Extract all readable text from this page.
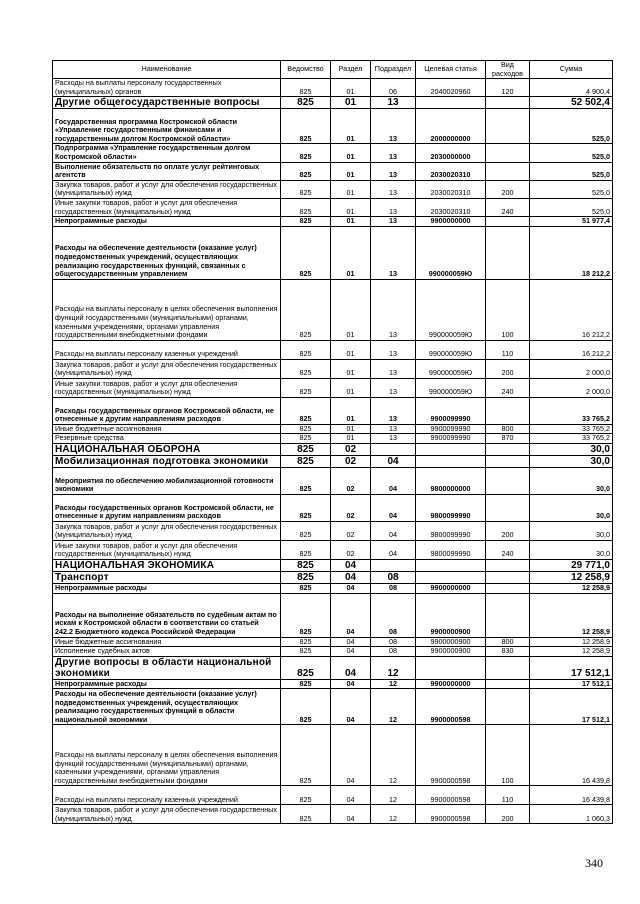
Наименование	Ведомство	Раздел	Подраздел	Целевая статья	Вид расходов	Сумма
Расходы на выплаты персоналу государственных (муниципальных) органов	825	01	06	2040020960	120	4 900,4
Другие общегосударственные вопросы	825	01	13			52 502,4
Государственная программа Костромской области «Управление государственными финансами и государственным долгом Костромской области»	825	01	13	2000000000		525,0
Подпрограмма «Управление государственным долгом Костромской области»	825	01	13	2030000000		525,0
Выполнение обязательств по оплате услуг рейтинговых агентств	825	01	13	2030020310		525,0
Закупка товаров, работ и услуг для обеспечения государственных (муниципальных) нужд	825	01	13	2030020310	200	525,0
Иные закупки товаров, работ и услуг для обеспечения государственных (муниципальных) нужд	825	01	13	2030020310	240	525,0
Непрограммные расходы	825	01	13	9900000000		51 977,4
Расходы на обеспечение деятельности (оказание услуг) подведомственных учреждений, осуществляющих реализацию государственных функций, связанных с общегосударственным управлением	825	01	13	990000059Ю		18 212,2
Расходы на выплаты персоналу в целях обеспечения выполнения функций государственными (муниципальными) органами, казенными учреждениями, органами управления государственными внебюджетными фондами	825	01	13	990000059Ю	100	16 212,2
Расходы на выплаты персоналу казенных учреждений	825	01	13	990000059Ю	110	16 212,2
Закупка товаров, работ и услуг для обеспечения государственных (муниципальных) нужд	825	01	13	990000059Ю	200	2 000,0
Иные закупки товаров, работ и услуг для обеспечения государственных (муниципальных) нужд	825	01	13	990000059Ю	240	2 000,0
Расходы государственных органов Костромской области, не отнесенные к другим направлениям расходов	825	01	13	9900099990		33 765,2
Иные бюджетные ассигнования	825	01	13	9900099990	800	33 765,2
Резервные средства	825	01	13	9900099990	870	33 765,2
НАЦИОНАЛЬНАЯ ОБОРОНА	825	02				30,0
Мобилизационная подготовка экономики	825	02	04			30,0
Мероприятия по обеспечению мобилизационной готовности экономики	825	02	04	9800000000		30,0
Расходы государственных органов Костромской области, не отнесенные к другим направлениям расходов	825	02	04	9800099990		30,0
Закупка товаров, работ и услуг для обеспечения государственных (муниципальных) нужд	825	02	04	9800099990	200	30,0
Иные закупки товаров, работ и услуг для обеспечения государственных (муниципальных) нужд	825	02	04	9800099990	240	30,0
НАЦИОНАЛЬНАЯ ЭКОНОМИКА	825	04				29 771,0
Транспорт	825	04	08			12 258,9
Непрограммные расходы	825	04	08	9900000000		12 258,9
Расходы на выполнение обязательств по судебным актам по искам к Костромской области в соответствии со статьей 242.2 Бюджетного кодекса Российской Федерации	825	04	08	9900000900		12 258,9
Иные бюджетные ассигнования	825	04	08	9900000900	800	12 258,9
Исполнение судебных актов	825	04	08	9900000900	830	12 258,9
Другие вопросы в области национальной экономики	825	04	12			17 512,1
Непрограммные расходы	825	04	12	9900000000		17 512,1
Расходы на обеспечение деятельности (оказание услуг) подведомственных учреждений, осуществляющих реализацию государственных функций в области национальной экономики	825	04	12	9900000598		17 512,1
Расходы на выплаты персоналу в целях обеспечения выполнения функций государственными (муниципальными) органами, казенными учреждениями, органами управления государственными внебюджетными фондами	825	04	12	9900000598	100	16 439,8
Расходы на выплаты персоналу казенных учреждений	825	04	12	9900000598	110	16 439,8
Закупка товаров, работ и услуг для обеспечения государственных (муниципальных) нужд	825	04	12	9900000598	200	1 060,3
340
